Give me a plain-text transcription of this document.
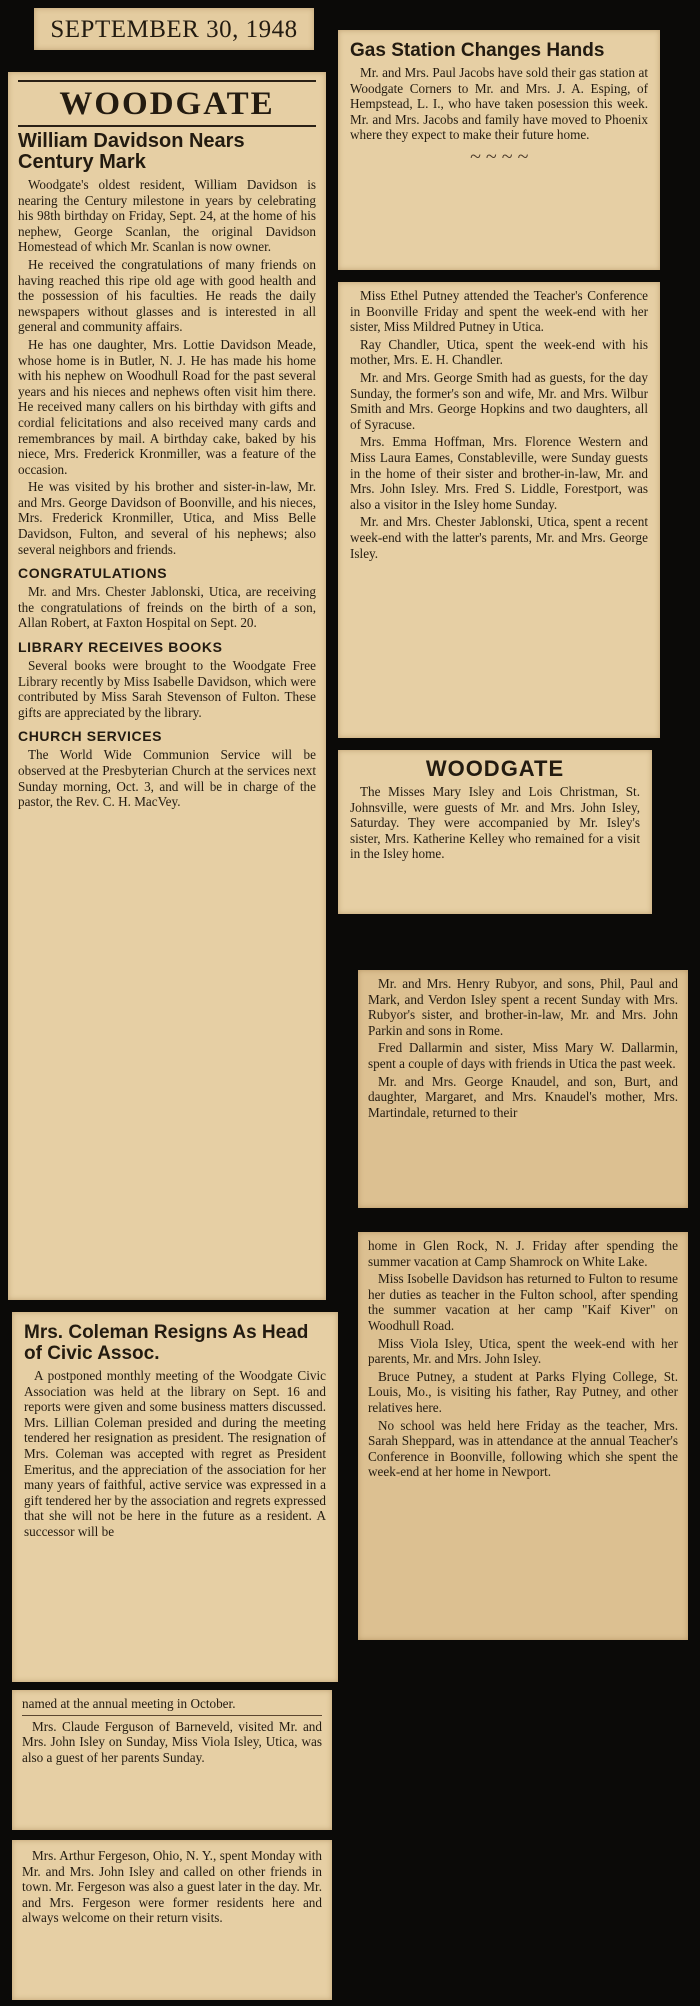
SEPTEMBER 30, 1948
WOODGATE
William Davidson Nears Century Mark

Woodgate's oldest resident, William Davidson is nearing the Century milestone in years by celebrating his 98th birthday on Friday, Sept. 24, at the home of his nephew, George Scanlan, the original Davidson Homestead of which Mr. Scanlan is now owner.

He received the congratulations of many friends on having reached this ripe old age with good health and the possession of his faculties. He reads the daily newspapers without glasses and is interested in all general and community affairs.

He has one daughter, Mrs. Lottie Davidson Meade, whose home is in Butler, N. J. He has made his home with his nephew on Woodhull Road for the past several years and his nieces and nephews often visit him there. He received many callers on his birthday with gifts and cordial felicitations and also received many cards and remembrances by mail. A birthday cake, baked by his niece, Mrs. Frederick Kronmiller, was a feature of the occasion.

He was visited by his brother and sister-in-law, Mr. and Mrs. George Davidson of Boonville, and his nieces, Mrs. Frederick Kronmiller, Utica, and Miss Belle Davidson, Fulton, and several of his nephews; also several neighbors and friends.

CONGRATULATIONS

Mr. and Mrs. Chester Jablonski, Utica, are receiving the congratulations of freinds on the birth of a son, Allan Robert, at Faxton Hospital on Sept. 20.

LIBRARY RECEIVES BOOKS

Several books were brought to the Woodgate Free Library recently by Miss Isabelle Davidson, which were contributed by Miss Sarah Stevenson of Fulton. These gifts are appreciated by the library.

CHURCH SERVICES

The World Wide Communion Service will be observed at the Presbyterian Church at the services next Sunday morning, Oct. 3, and will be in charge of the pastor, the Rev. C. H. MacVey.

Mrs. Coleman Resigns As Head of Civic Assoc.

A postponed monthly meeting of the Woodgate Civic Association was held at the library on Sept. 16 and reports were given and some business matters discussed. Mrs. Lillian Coleman presided and during the meeting tendered her resignation as president. The resignation of Mrs. Coleman was accepted with regret as President Emeritus, and the appreciation of the association for her many years of faithful, active service was expressed in a gift tendered her by the association and regrets expressed that she will not be here in the future as a resident. A successor will be

named at the annual meeting in October.

Mrs. Claude Ferguson of Barneveld, visited Mr. and Mrs. John Isley on Sunday, Miss Viola Isley, Utica, was also a guest of her parents Sunday.

Mrs. Arthur Fergeson, Ohio, N. Y., spent Monday with Mr. and Mrs. John Isley and called on other friends in town. Mr. Fergeson was also a guest later in the day. Mr. and Mrs. Fergeson were former residents here and always welcome on their return visits.

Gas Station Changes Hands

Mr. and Mrs. Paul Jacobs have sold their gas station at Woodgate Corners to Mr. and Mrs. J. A. Esping, of Hempstead, L. I., who have taken posession this week. Mr. and Mrs. Jacobs and family have moved to Phoenix where they expect to make their future home.

~ ~ ~ ~

Miss Ethel Putney attended the Teacher's Conference in Boonville Friday and spent the week-end with her sister, Miss Mildred Putney in Utica.

Ray Chandler, Utica, spent the week-end with his mother, Mrs. E. H. Chandler.

Mr. and Mrs. George Smith had as guests, for the day Sunday, the former's son and wife, Mr. and Mrs. Wilbur Smith and Mrs. George Hopkins and two daughters, all of Syracuse.

Mrs. Emma Hoffman, Mrs. Florence Western and Miss Laura Eames, Constableville, were Sunday guests in the home of their sister and brother-in-law, Mr. and Mrs. John Isley. Mrs. Fred S. Liddle, Forestport, was also a visitor in the Isley home Sunday.

Mr. and Mrs. Chester Jablonski, Utica, spent a recent week-end with the latter's parents, Mr. and Mrs. George Isley.

WOODGATE

The Misses Mary Isley and Lois Christman, St. Johnsville, were guests of Mr. and Mrs. John Isley, Saturday. They were accompanied by Mr. Isley's sister, Mrs. Katherine Kelley who remained for a visit in the Isley home.

Mr. and Mrs. Henry Rubyor, and sons, Phil, Paul and Mark, and Verdon Isley spent a recent Sunday with Mrs. Rubyor's sister, and brother-in-law, Mr. and Mrs. John Parkin and sons in Rome.

Fred Dallarmin and sister, Miss Mary W. Dallarmin, spent a couple of days with friends in Utica the past week.

Mr. and Mrs. George Knaudel, and son, Burt, and daughter, Margaret, and Mrs. Knaudel's mother, Mrs. Martindale, returned to their

home in Glen Rock, N. J. Friday after spending the summer vacation at Camp Shamrock on White Lake.

Miss Isobelle Davidson has returned to Fulton to resume her duties as teacher in the Fulton school, after spending the summer vacation at her camp "Kaif Kiver" on Woodhull Road.

Miss Viola Isley, Utica, spent the week-end with her parents, Mr. and Mrs. John Isley.

Bruce Putney, a student at Parks Flying College, St. Louis, Mo., is visiting his father, Ray Putney, and other relatives here.

No school was held here Friday as the teacher, Mrs. Sarah Sheppard, was in attendance at the annual Teacher's Conference in Boonville, following which she spent the week-end at her home in Newport.
